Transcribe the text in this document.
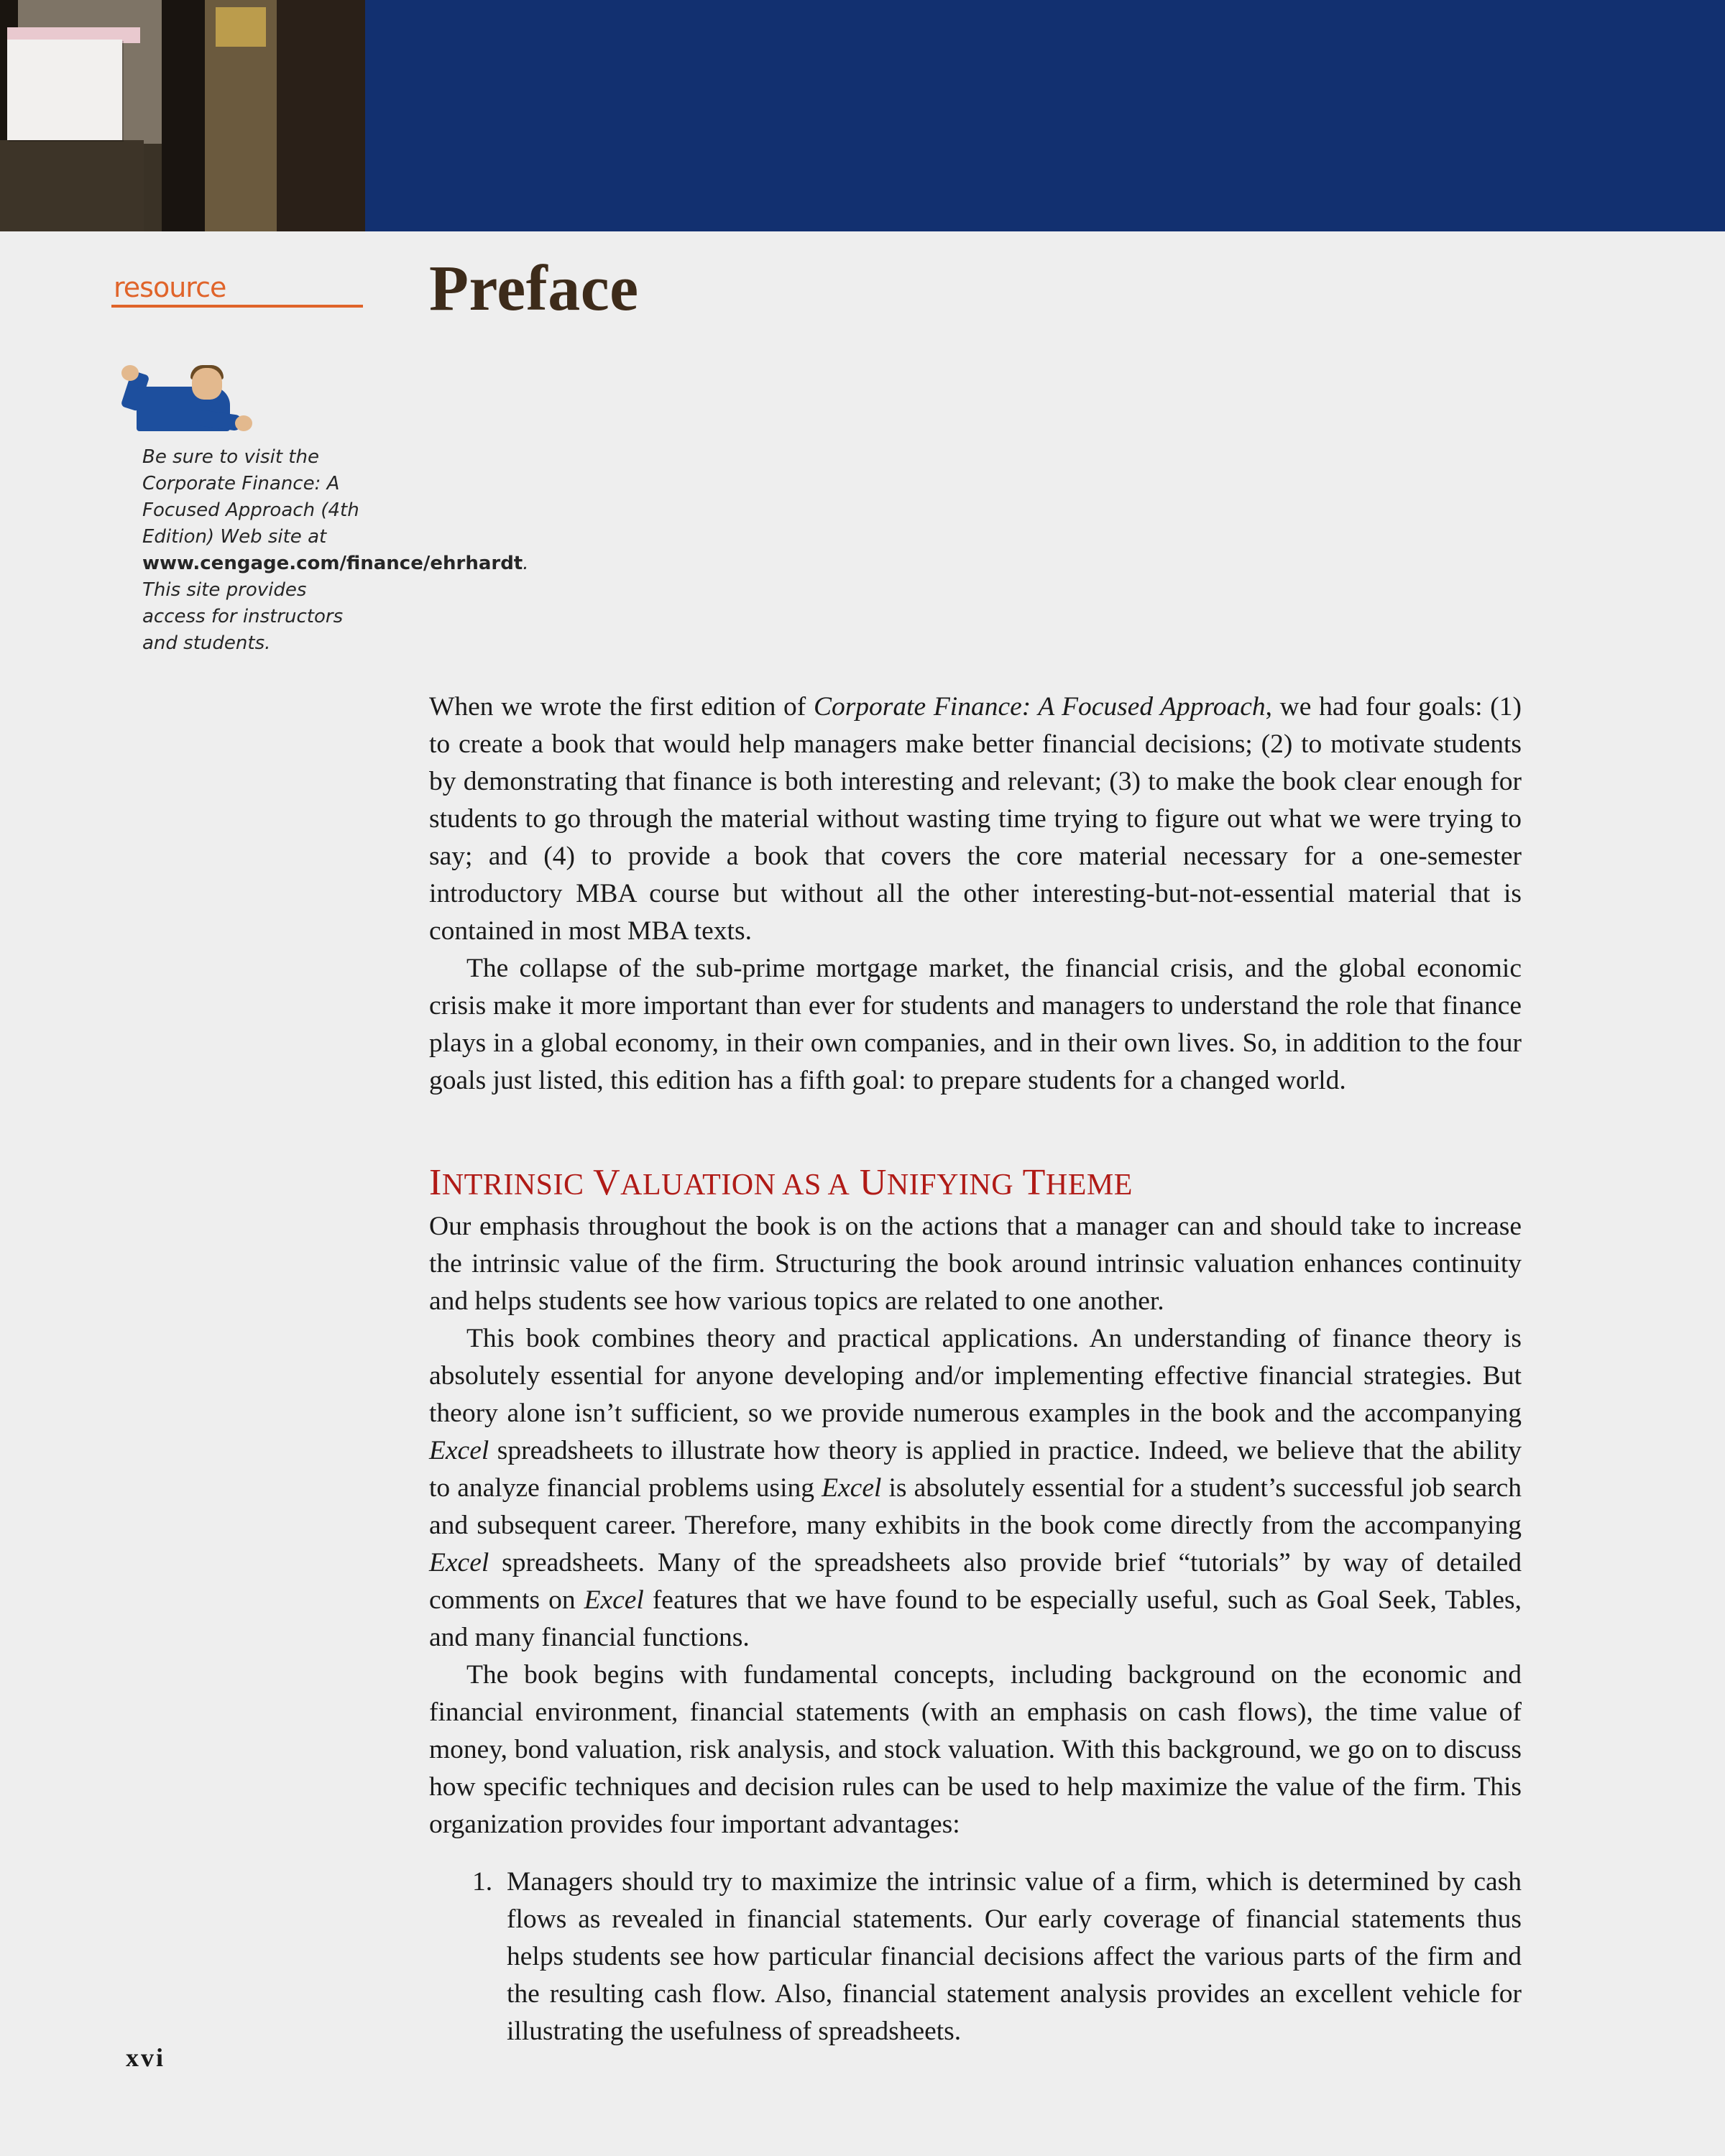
Preface
resource
Be sure to visit the Corporate Finance: A Focused Approach (4th Edition) Web site at www.cengage.com/finance/ehrhardt. This site provides access for instructors and students.

When we wrote the first edition of Corporate Finance: A Focused Approach, we had four goals: (1) to create a book that would help managers make better financial decisions; (2) to motivate students by demonstrating that finance is both interesting and relevant; (3) to make the book clear enough for students to go through the material without wasting time trying to figure out what we were trying to say; and (4) to provide a book that covers the core material necessary for a one-semester introductory MBA course but without all the other interesting-but-not-essential material that is contained in most MBA texts.

The collapse of the sub-prime mortgage market, the financial crisis, and the global economic crisis make it more important than ever for students and managers to understand the role that finance plays in a global economy, in their own companies, and in their own lives. So, in addition to the four goals just listed, this edition has a fifth goal: to prepare students for a changed world.

INTRINSIC VALUATION AS A UNIFYING THEME

Our emphasis throughout the book is on the actions that a manager can and should take to increase the intrinsic value of the firm. Structuring the book around intrinsic valuation enhances continuity and helps students see how various topics are related to one another.

This book combines theory and practical applications. An understanding of finance theory is absolutely essential for anyone developing and/or implementing effective financial strategies. But theory alone isn’t sufficient, so we provide numerous examples in the book and the accompanying Excel spreadsheets to illustrate how theory is applied in practice. Indeed, we believe that the ability to analyze financial problems using Excel is absolutely essential for a student’s successful job search and subsequent career. Therefore, many exhibits in the book come directly from the accompanying Excel spreadsheets. Many of the spreadsheets also provide brief “tutorials” by way of detailed comments on Excel features that we have found to be especially useful, such as Goal Seek, Tables, and many financial functions.

The book begins with fundamental concepts, including background on the economic and financial environment, financial statements (with an emphasis on cash flows), the time value of money, bond valuation, risk analysis, and stock valuation. With this background, we go on to discuss how specific techniques and decision rules can be used to help maximize the value of the firm. This organization provides four important advantages:

1. Managers should try to maximize the intrinsic value of a firm, which is determined by cash flows as revealed in financial statements. Our early coverage of financial statements thus helps students see how particular financial decisions affect the various parts of the firm and the resulting cash flow. Also, financial statement analysis provides an excellent vehicle for illustrating the usefulness of spreadsheets.
xvi
